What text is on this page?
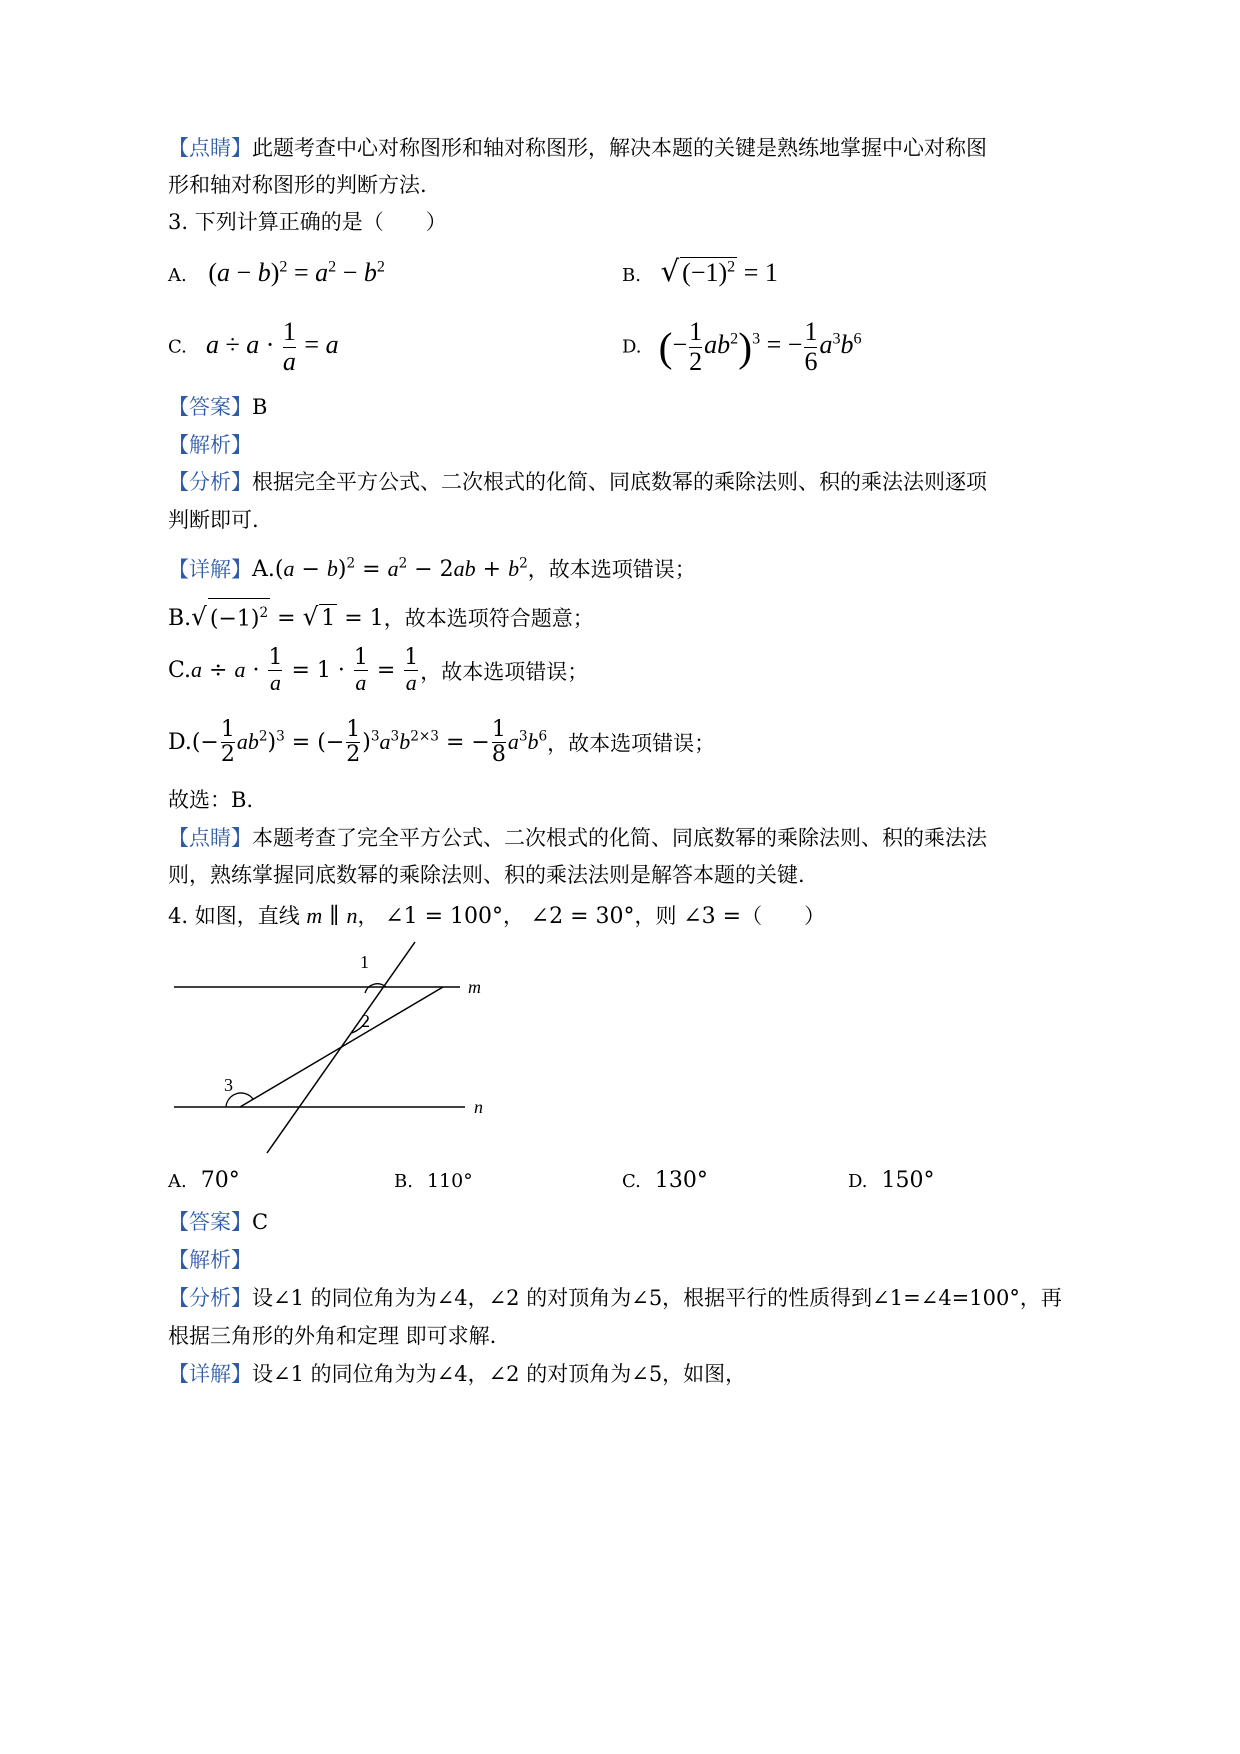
【点睛】此题考查中心对称图形和轴对称图形，解决本题的关键是熟练地掌握中心对称图
形和轴对称图形的判断方法.
3. 下列计算正确的是（　　）
A. $(a - b)^2 = a^2 - b^2$	B. √ $(-1)^2 = 1$
C. $a \div a \cdot \frac{1}{a} = a$	D. (− $\frac{1}{2} ab^2)^3$ = − $\frac{1}{6} a^3b^6$
【答案】B
【解析】
【分析】根据完全平方公式、二次根式的化简、同底数幂的乘除法则、积的乘法法则逐项
判断即可.
【详解】$A.(a - b)^2 = a^2 - 2ab + b^2$，故本选项错误；
B.√ $(-1)^2$ = √ 1 = 1，故本选项符合题意；
$C.a \div a \cdot \frac{1}{a} = 1 \cdot \frac{1}{a} = \frac{1}{a}$ ，故本选项错误；
$D.(- \frac{1}{2} ab^2)^3$ = (− $\frac{1}{2} )^3a^3b^{2\times 3}$ = − $\frac{1}{8} a^3b^6$，故本选项错误；
故选：B.
【点睛】本题考查了完全平方公式、二次根式的化简、同底数幂的乘除法则、积的乘法法
则，熟练掌握同底数幂的乘除法则、积的乘法法则是解答本题的关键.
4. 如图，直线 m ∥ n， ∠1 = 100°， ∠2 = 30°，则 ∠3 =（　　）
1
2
3
m
n
A. 70°	B. 110°	C. 130°	D. 150°
【答案】C
【解析】
【分析】设∠1 的同位角为为∠4，∠2 的对顶角为∠5，根据平行的性质得到∠1=∠4=100°，再
根据三角形的外角和定理 即可求解.
【详解】设∠1 的同位角为为∠4，∠2 的对顶角为∠5，如图，
